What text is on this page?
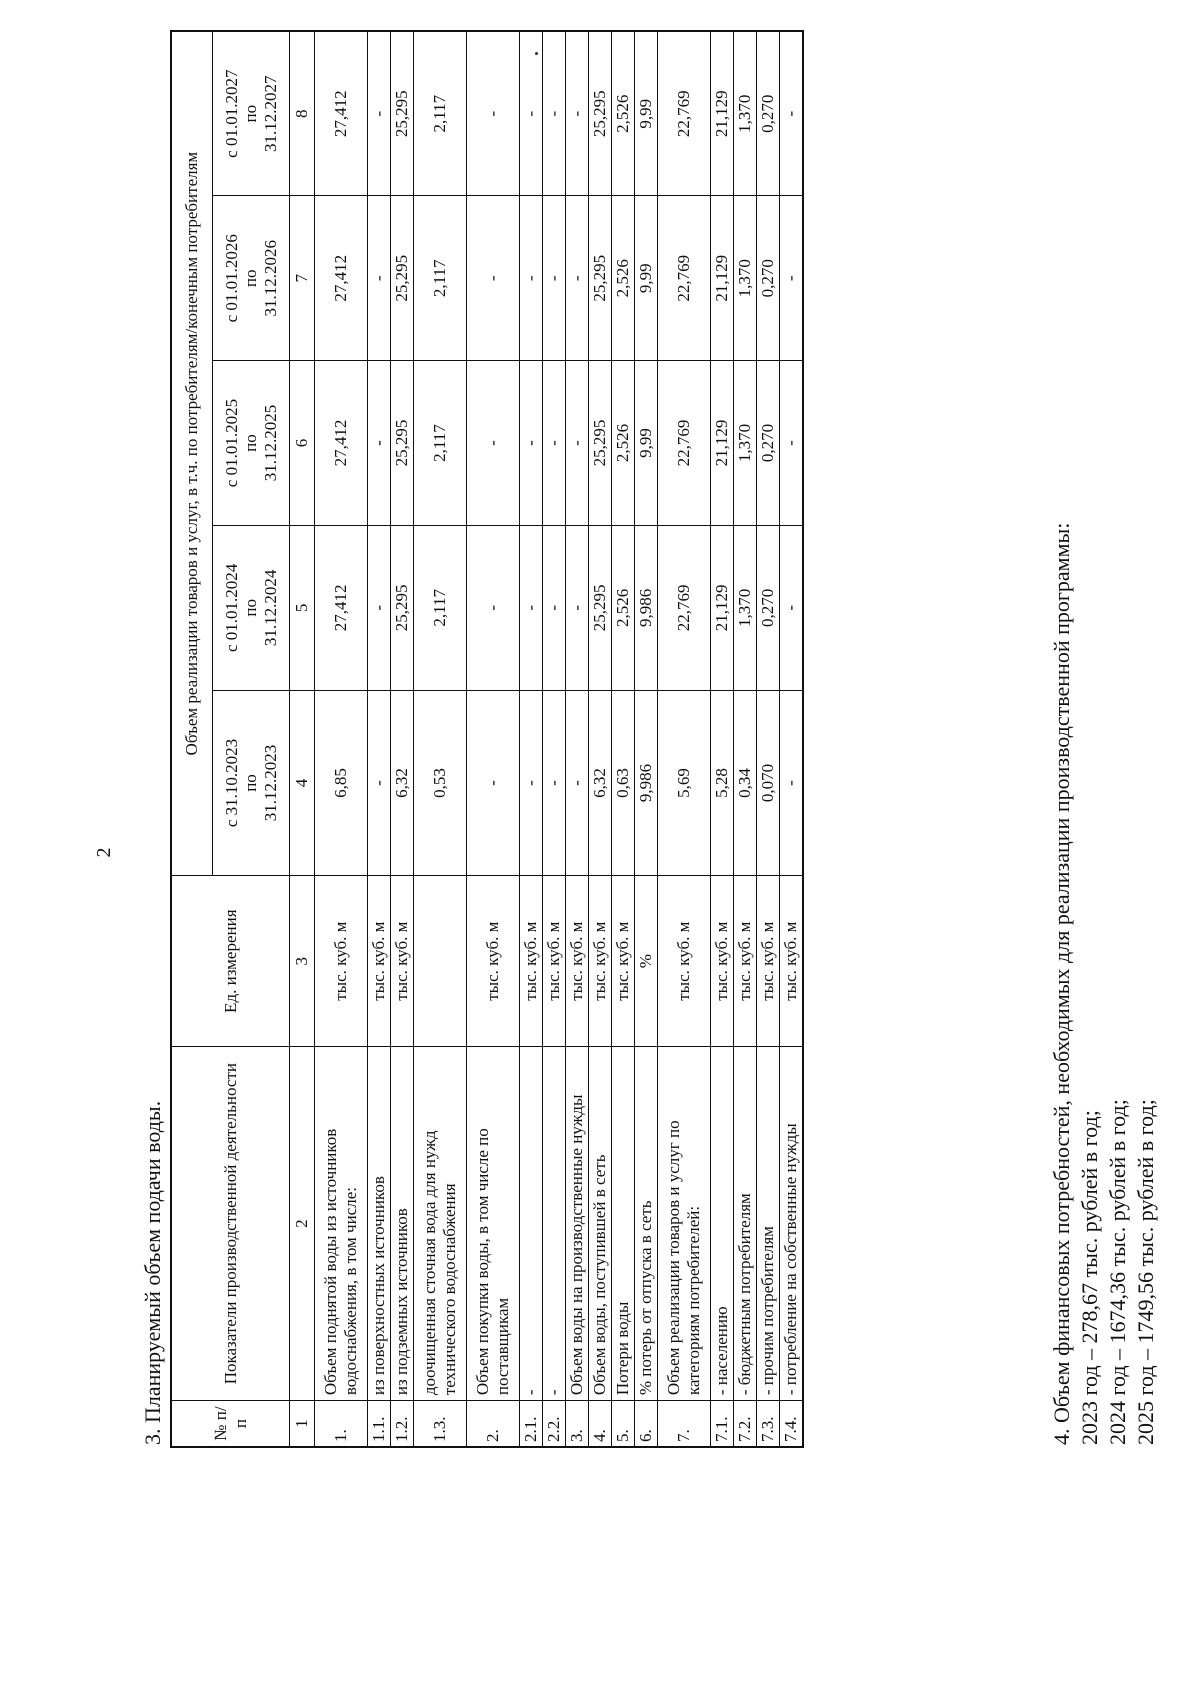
2
3. Планируемый объем подачи воды.	№ п/п	Показатели производственной деятельности	Ед. измерения	Объем реализации товаров и услуг, в т.ч. по потребителям/конечным потребителям				

			с 31.10.2023 по 31.12.2023	с 01.01.2024 по 31.12.2024	с 01.01.2025 по 31.12.2025	с 01.01.2026 по 31.12.2026	с 01.01.2027 по 31.12.2027

1	2	3	4	5	6	7	8
1.	Объем поднятой воды из источников водоснабжения, в том числе:	тыс. куб. м	6,85	27,412	27,412	27,412	27,412
1.1.	из поверхностных источников	тыс. куб. м	-	-	-	-	-
1.2.	из подземных источников	тыс. куб. м	6,32	25,295	25,295	25,295	25,295
1.3.	доочищенная сточная вода для нужд технического водоснабжения		0,53	2,117	2,117	2,117	2,117
2.	Объем покупки воды, в том числе по поставщикам	тыс. куб. м	-	-	-	-	-
2.1.	-	тыс. куб. м	-	-	-	-	-
2.2.	-	тыс. куб. м	-	-	-	-	-
3.	Объем воды на производственные нужды	тыс. куб. м	-	-	-	-	-
4.	Объем воды, поступившей в сеть	тыс. куб. м	6,32	25,295	25,295	25,295	25,295
5.	Потери воды	тыс. куб. м	0,63	2,526	2,526	2,526	2,526
6.	% потерь от отпуска в сеть	%	9,986	9,986	9,99	9,99	9,99
7.	Объем реализации товаров и услуг по категориям потребителей:	тыс. куб. м	5,69	22,769	22,769	22,769	22,769
7.1.	- населению	тыс. куб. м	5,28	21,129	21,129	21,129	21,129
7.2.	- бюджетным потребителям	тыс. куб. м	0,34	1,370	1,370	1,370	1,370
7.3.	- прочим потребителям	тыс. куб. м	0,070	0,270	0,270	0,270	0,270
7.4.	- потребление на собственные нужды	тыс. куб. м	-	-	-	-	-

4. Объем финансовых потребностей, необходимых для реализации производственной программы: 2023 год – 278,67 тыс. рублей в год; 2024 год – 1674,36 тыс. рублей в год; 2025 год – 1749,56 тыс. рублей в год;
